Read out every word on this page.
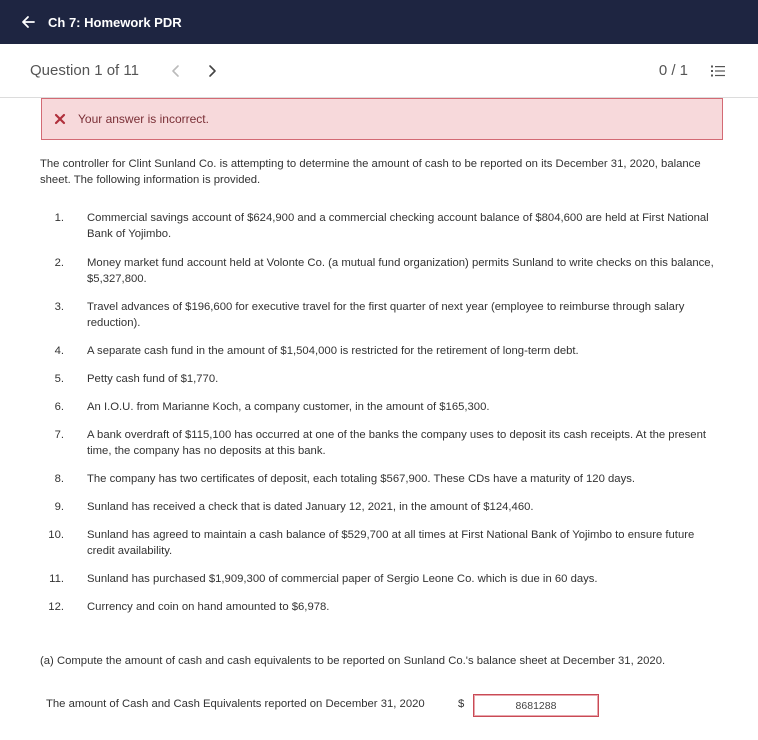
Ch 7: Homework PDR
Question 1 of 11	0 / 1
Your answer is incorrect.
The controller for Clint Sunland Co. is attempting to determine the amount of cash to be reported on its December 31, 2020, balance sheet. The following information is provided.
1. Commercial savings account of $624,900 and a commercial checking account balance of $804,600 are held at First National Bank of Yojimbo.
2. Money market fund account held at Volonte Co. (a mutual fund organization) permits Sunland to write checks on this balance, $5,327,800.
3. Travel advances of $196,600 for executive travel for the first quarter of next year (employee to reimburse through salary reduction).
4. A separate cash fund in the amount of $1,504,000 is restricted for the retirement of long-term debt.
5. Petty cash fund of $1,770.
6. An I.O.U. from Marianne Koch, a company customer, in the amount of $165,300.
7. A bank overdraft of $115,100 has occurred at one of the banks the company uses to deposit its cash receipts. At the present time, the company has no deposits at this bank.
8. The company has two certificates of deposit, each totaling $567,900. These CDs have a maturity of 120 days.
9. Sunland has received a check that is dated January 12, 2021, in the amount of $124,460.
10. Sunland has agreed to maintain a cash balance of $529,700 at all times at First National Bank of Yojimbo to ensure future credit availability.
11. Sunland has purchased $1,909,300 of commercial paper of Sergio Leone Co. which is due in 60 days.
12. Currency and coin on hand amounted to $6,978.
(a) Compute the amount of cash and cash equivalents to be reported on Sunland Co.'s balance sheet at December 31, 2020.
The amount of Cash and Cash Equivalents reported on December 31, 2020	$
8681288
